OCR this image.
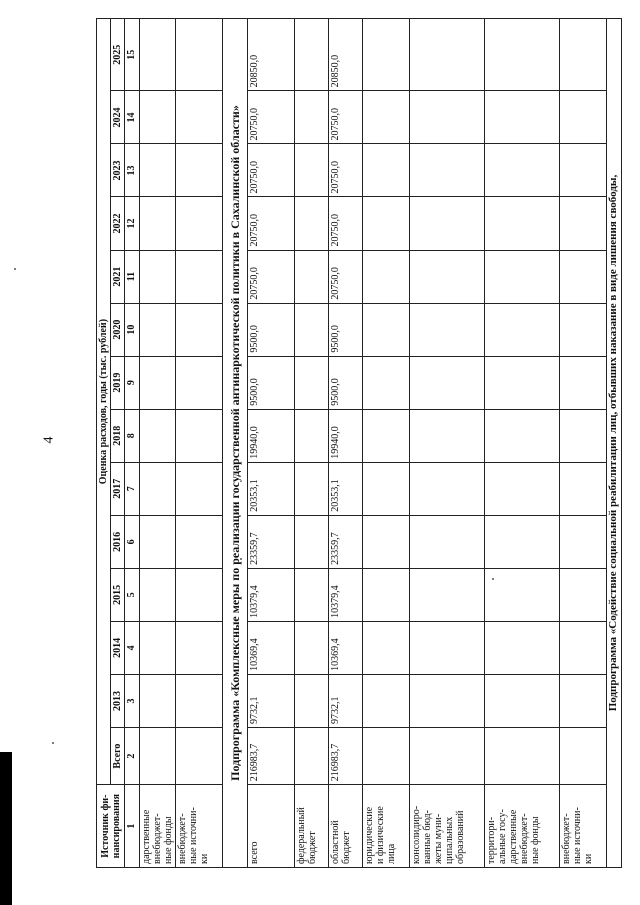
4
Источник фи-
нансирования	Оценка расходов, годы (тыс. рублей)													
	Всего	2013	2014	2015	2016	2017	2018	2019	2020	2021	2022	2023	2024	2025
1	2	3	4	5	6	7	8	9	10	11	12	13	14	15
дарственные
внебюджет-
ные фонды														
внебюджет-
ные источни-
ки														
Подпрограмма «Комплексные меры по реализации государственной антинаркотической политики в Сахалинской области»														
всего	216983,7	9732,1	10369,4	10379,4	23359,7	20353,1	19940,0	9500,0	9500,0	20750,0	20750,0	20750,0	20750,0	20850,0
федеральный
бюджет														
областной
бюджет	216983,7	9732,1	10369,4	10379,4	23359,7	20353,1	19940,0	9500,0	9500,0	20750,0	20750,0	20750,0	20750,0	20850,0
юридические
и физические
лица														
консолидиро-
ванные бюд-
жеты муни-
ципальных
образований														
территори-
альные госу-
дарственные
внебюджет-
ные фонды														
внебюджет-
ные источни-
ки														
Подпрограмма «Содействие социальной реабилитации лиц, отбывших наказание в виде лишения свободы,														
